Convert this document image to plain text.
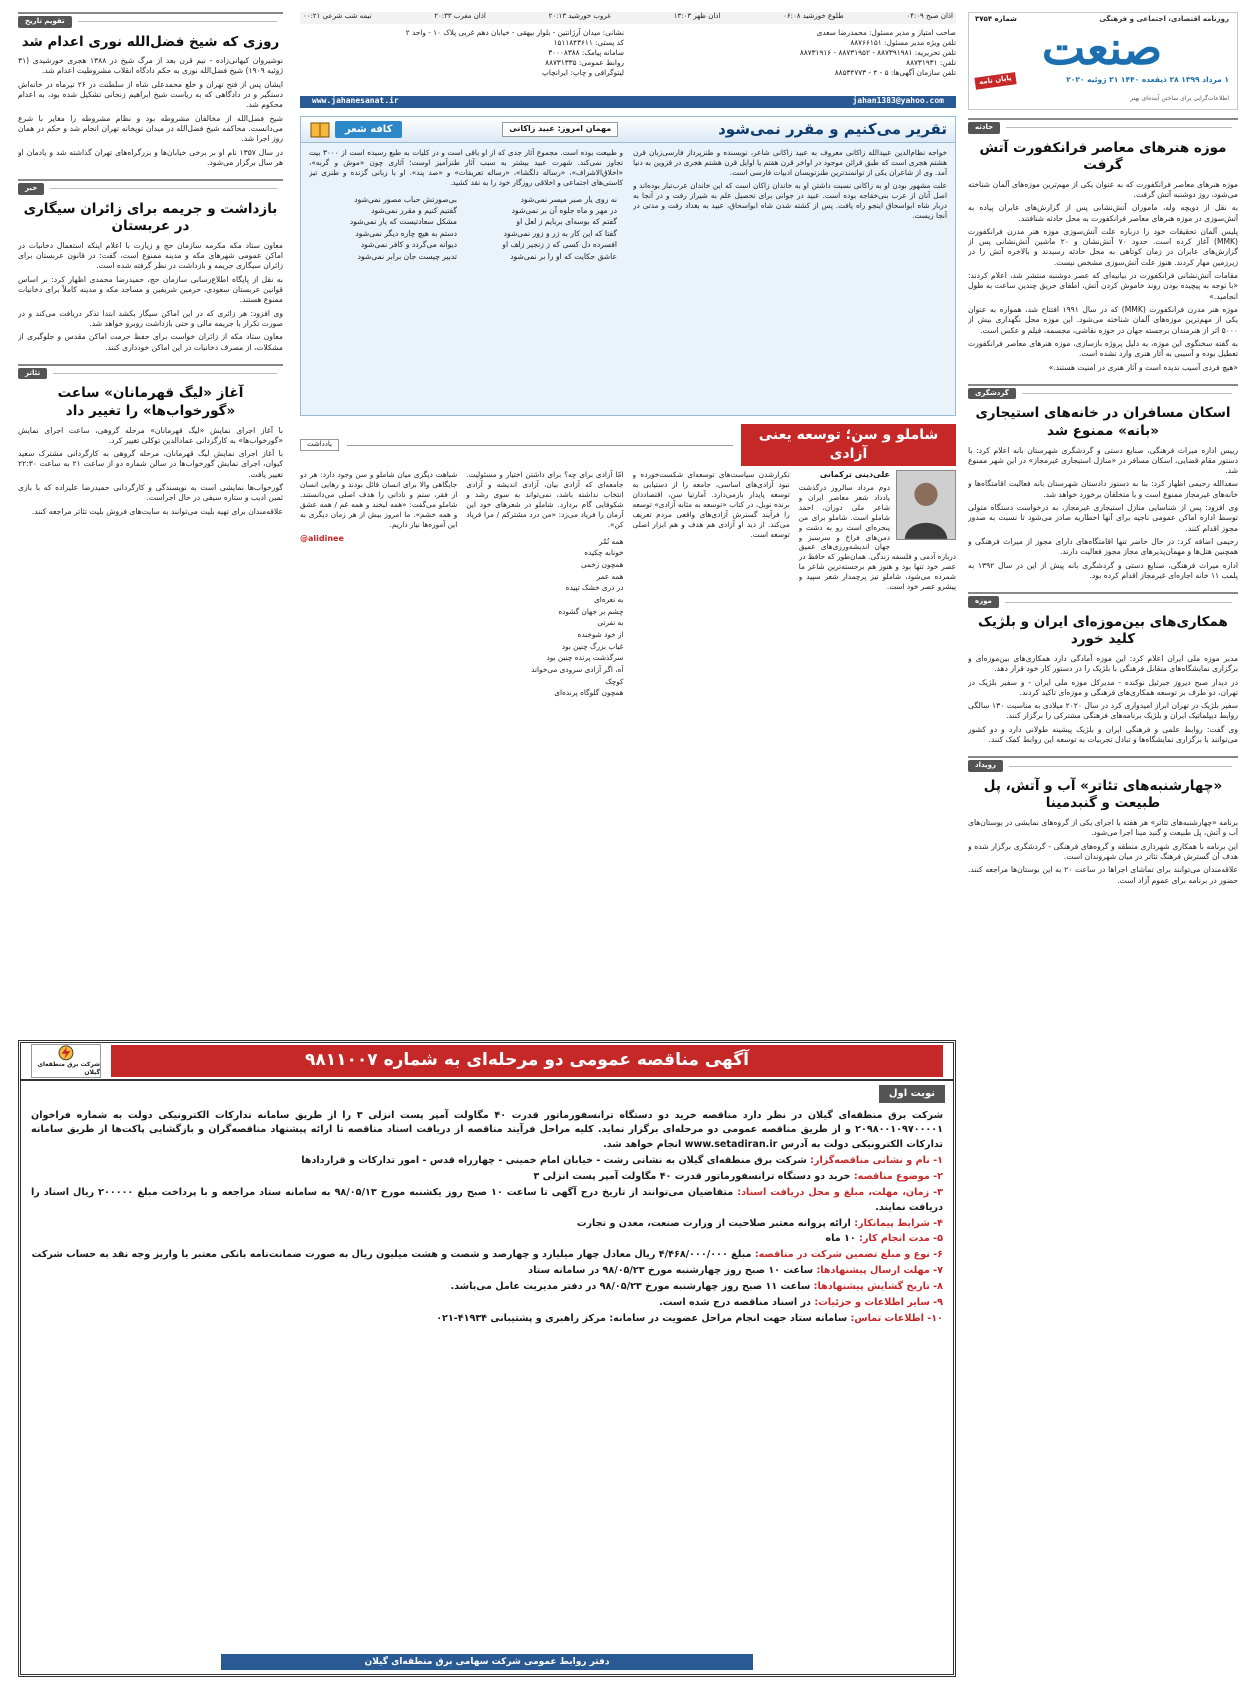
روزنامه اقتصادی، اجتماعی و فرهنگی
شماره ۳۷۵۴
صنعت
۱ مرداد ۱۳۹۹ ۲۸ ذیقعده ۱۴۴۰ ۲۱ ژوئیه ۲۰۲۰
پایان نامه
اطلاعات‌گرایی برای ساختن آینده‌ای بهتر
حادثه
موزه هنرهای معاصر فرانکفورت آتش گرفت

موزه هنرهای معاصر فرانکفورت که به عنوان یکی از مهم‌ترین موزه‌های آلمان شناخته می‌شود، روز دوشنبه آتش گرفت.

به نقل از دویچه وله، ماموران آتش‌نشانی پس از گزارش‌های عابران پیاده به آتش‌سوزی در موزه هنرهای معاصر فرانکفورت به محل حادثه شتافتند.

پلیس آلمان تحقیقات خود را درباره علت آتش‌سوزی موزه هنر مدرن فرانکفورت (MMK) آغاز کرده است. حدود ۷۰ آتش‌نشان و ۲۰ ماشین آتش‌نشانی پس از گزارش‌های عابران در زمان کوتاهی به محل حادثه رسیدند و بالاخره آتش را در زیرزمین مهار کردند. هنوز علت آتش‌سوزی مشخص نیست.

مقامات آتش‌نشانی فرانکفورت در بیانیه‌ای که عصر دوشنبه منتشر شد، اعلام کردند: «با توجه به پیچیده بودن روند خاموش کردن آتش، اطفای حریق چندین ساعت به طول انجامید.»

موزه هنر مدرن فرانکفورت (MMK) که در سال ۱۹۹۱ افتتاح شد، همواره به عنوان یکی از مهم‌ترین موزه‌های آلمان شناخته می‌شود. این موزه محل نگهداری بیش از ۵۰۰۰ اثر از هنرمندان برجسته جهان در حوزه نقاشی، مجسمه، فیلم و عکس است.

به گفته سخنگوی این موزه، به دلیل پروژه بازسازی، موزه هنرهای معاصر فرانکفورت تعطیل بوده و آسیبی به آثار هنری وارد نشده است.

«هیچ فردی آسیب ندیده است و آثار هنری در امنیت هستند.»

گردشگری
اسکان مسافران در خانه‌های استیجاری «بانه» ممنوع شد

رییس اداره میراث فرهنگی، صنایع دستی و گردشگری شهرستان بانه اعلام کرد: با دستور مقام قضایی، اسکان مسافر در «منازل استیجاری غیرمجاز» در این شهر ممنوع شد.

سعدالله رحیمی اظهار کرد: بنا به دستور دادستان شهرستان بانه فعالیت اقامتگاه‌ها و خانه‌های غیرمجاز ممنوع است و با متخلفان برخورد خواهد شد.

وی افزود: پس از شناسایی منازل استیجاری غیرمجاز، به درخواست دستگاه متولی توسط اداره اماکن عمومی ناجیه برای آنها اخطاریه صادر می‌شود تا نسبت به صدور مجوز اقدام کنند.

رحیمی اضافه کرد: در حال حاضر تنها اقامتگاه‌های دارای مجوز از میراث فرهنگی و همچنین هتل‌ها و مهمان‌پذیرهای مجاز مجوز فعالیت دارند.

اداره میراث فرهنگی، صنایع دستی و گردشگری بانه پیش از این در سال ۱۳۹۲ به پلمب ۱۱ خانه اجاره‌ای غیرمجاز اقدام کرده بود.

موزه
همکاری‌های بین‌موزه‌ای ایران و بلژیک کلید خورد

مدیر موزه ملی ایران اعلام کرد: این موزه آمادگی دارد همکاری‌های بین‌موزه‌ای و برگزاری نمایشگاه‌های متقابل فرهنگی با بلژیک را در دستور کار خود قرار دهد.

در دیدار صبح دیروز جبرئیل نوکنده - مدیرکل موزه ملی ایران - و سفیر بلژیک در تهران، دو طرف بر توسعه همکاری‌های فرهنگی و موزه‌ای تاکید کردند.

سفیر بلژیک در تهران ابراز امیدواری کرد در سال ۲۰۲۰ میلادی به مناسبت ۱۳۰ سالگی روابط دیپلماتیک ایران و بلژیک برنامه‌های فرهنگی مشترکی را برگزار کنند.

وی گفت: روابط علمی و فرهنگی ایران و بلژیک پیشینه طولانی دارد و دو کشور می‌توانند با برگزاری نمایشگاه‌ها و تبادل تجربیات به توسعه این روابط کمک کنند.

رویداد
«چهارشنبه‌های تئاتر» آب و آتش، پل طبیعت و گنبدمینا

برنامه «چهارشنبه‌های تئاتر» هر هفته با اجرای یکی از گروه‌های نمایشی در بوستان‌های آب و آتش، پل طبیعت و گنبد مینا اجرا می‌شود.

این برنامه با همکاری شهرداری منطقه و گروه‌های فرهنگی - گردشگری برگزار شده و هدف آن گسترش فرهنگ تئاتر در میان شهروندان است.

علاقه‌مندان می‌توانند برای تماشای اجراها در ساعت ۲۰ به این بوستان‌ها مراجعه کنند. حضور در برنامه برای عموم آزاد است.

اذان صبح ۰۴:۰۹
طلوع خورشید ۰۶:۰۸
اذان ظهر ۱۳:۰۳
غروب خورشید ۲۰:۱۳
اذان مغرب ۲۰:۳۳
نیمه شب شرعی ۰۰:۲۱
صاحب امتیاز و مدیر مسئول: محمدرضا سعدی
تلفن ویژه مدیر مسئول: ۸۸۷۶۶۱۵۱
تلفن تحریریه: ۸۸۷۳۹۱۹۸۱ - ۸۸۷۳۱۹۵۲ - ۸۸۷۳۱۹۱۶
تلفن: ۸۸۷۳۱۹۳۱
تلفن سازمان آگهی‌ها: ۵ - ۴ - ۸۸۵۳۴۷۷۳
نشانی: میدان آرژانتین - بلوار بیهقی - خیابان دهم غربی پلاک ۱۰ - واحد ۲
کد پستی: ۱۵۱۱۸۴۳۶۱۱
سامانه پیامک: ۳۰۰۰۸۳۸۸
روابط عمومی: ۸۸۷۳۱۳۳۵
لیتوگرافی و چاپ: ایرانچاپ
www.jahanesanat.ir	jahan1383@yahoo.com
تقریر می‌کنیم و مقرر نمی‌شود
مهمان امروز: عبید زاکانی
کافه شعر

خواجه نظام‌الدین عبیدالله زاکانی معروف به عبید زاکانی شاعر، نویسنده و طنزپرداز فارسی‌زبان قرن هشتم هجری است که طبق قرائن موجود در اواخر قرن هفتم یا اوایل قرن هشتم هجری در قزوین به دنیا آمد. وی از شاعران یکی از توانمندترین طنزنویسان ادبیات فارسی است.

علت مشهور بودن او به زاکانی نسبت داشتن او به خاندان زاکان است که این خاندان عرب‌تبار بوده‌اند و اصل آنان از عرب بنی‌خفاجه بوده است. عبید در جوانی برای تحصیل علم به شیراز رفت و در آنجا به دربار شاه ابواسحاق اینجو راه یافت. پس از کشته شدن شاه ابواسحاق، عبید به بغداد رفت و مدتی در آنجا زیست.

و طبیعت بوده است. مجموع آثار جدی که از او باقی است و در کلیات به طبع رسیده است از ۳۰۰۰ بیت تجاوز نمی‌کند. شهرت عبید بیشتر به سبب آثار طنزآمیز اوست؛ آثاری چون «موش و گربه»، «اخلاق‌الاشراف»، «رساله دلگشا»، «رساله تعریفات» و «صد پند». او با زبانی گزنده و طنزی تیز کاستی‌های اجتماعی و اخلاقی روزگار خود را به نقد کشید.

نه روی یار صبر میسر نمی‌شود
در مهر و ماه جلوه آن بر نمی‌شود
گفتم که بوسه‌ای بربایم ز لعل او
گفتا که این کار به زر و زور نمی‌شود
افسرده دل کسی که ز زنجیر زلف او
عاشق حکایت که او را بر نمی‌شود
بی‌صورتش حباب مصور نمی‌شود
گفتیم کنیم و مقرر نمی‌شود
مشکل سعادتیست که یار نمی‌شود
دستم به هیچ چاره دیگر نمی‌شود
دیوانه می‌گردد و کافر نمی‌شود
تدبیر چیست جان برابر نمی‌شود
شاملو و سن؛ توسعه یعنی آزادی
یادداشت
علی‌دینی ترکمانی

دوم مرداد سالروز درگذشت یادداد شعر معاصر ایران و شاعر ملی دوران، احمد شاملو است. شاملو برای من پنجره‌ای است رو به دشت و دمن‌های فراخ و سرسبز و جهان اندیشه‌ورزی‌های عمیق درباره آدمی و فلسفه زندگی. همان‌طور که حافظ در عصر خود تنها بود و هنوز هم برجسته‌ترین شاعر ما شمرده می‌شود، شاملو نیز پرچمدار شعر سپید و پیشرو عصر خود است.

تکرارشدن سیاست‌های توسعه‌ای شکست‌خورده و نبود آزادی‌های اساسی، جامعه را از دستیابی به توسعه پایدار بازمی‌دارد. آمارتیا سن، اقتصاددان برنده نوبل، در کتاب «توسعه به مثابه آزادی» توسعه را فرآیند گسترش آزادی‌های واقعی مردم تعریف می‌کند. از دید او آزادی هم هدف و هم ابزار اصلی توسعه است.

امّا آزادی برای چه؟ برای داشتن اختیار و مسئولیت. جامعه‌ای که آزادی بیان، آزادی اندیشه و آزادی انتخاب نداشته باشد، نمی‌تواند به سوی رشد و شکوفایی گام بردارد. شاملو در شعرهای خود این آرمان را فریاد می‌زد: «من درد مشترکم / مرا فریاد کن».

همه تُمّر
خونابه چکیده
همچون زخمی
همه عمر
در دری خشک تپیده
به نعره‌ای
چشم بر جهان گشوده
به نفرتی
از خود شوخنده
غیاب بزرگ چنین بود
سرگذشت پرنده چنین بود
آه، اگر آزادی سرودی می‌خواند
کوچک
همچون گلوگاه پرنده‌ای

شباهت دیگری میان شاملو و سن وجود دارد: هر دو جایگاهی والا برای انسان قائل بودند و رهایی انسان از فقر، ستم و نادانی را هدف اصلی می‌دانستند. شاملو می‌گفت: «همه لبخند و همه غم / همه عشق و همه خشم». ما امروز بیش از هر زمان دیگری به این آموزه‌ها نیاز داریم.

@alidinee
تقویم تاریخ
روزی که شیخ فضل‌الله نوری اعدام شد

نوشیروان کیهانی‌زاده - نیم‌ قرن بعد از مرگ شیخ در ۱۳۸۸ هجری خورشیدی (۳۱ ژوئیه ۱۹۰۹) شیخ فضل‌الله نوری به حکم دادگاه انقلاب مشروطیت اعدام شد.

ایشان پس از فتح تهران و خلع محمدعلی شاه از سلطنت در ۲۶ تیرماه در خانه‌اش دستگیر و در دادگاهی که به ریاست شیخ ابراهیم زنجانی تشکیل شده بود، به اعدام محکوم شد.

شیخ فضل‌الله از مخالفان مشروطه بود و نظام مشروطه را مغایر با شرع می‌دانست. محاکمه شیخ فضل‌الله در میدان توپخانه تهران انجام شد و حکم در همان روز اجرا شد.

در سال ۱۳۵۷ نام او بر برخی خیابان‌ها و بزرگراه‌های تهران گذاشته شد و یادمان او هر سال برگزار می‌شود.

خبر
بازداشت و جریمه برای زائران سیگاری در عربستان

معاون ستاد مکه مکرمه سازمان حج و زیارت با اعلام اینکه استعمال دخانیات در اماکن عمومی شهرهای مکه و مدینه ممنوع است، گفت: در قانون عربستان برای زائران سیگاری جریمه و بازداشت در نظر گرفته شده است.

به نقل از پایگاه اطلاع‌رسانی سازمان حج، حمیدرضا محمدی اظهار کرد: بر اساس قوانین عربستان سعودی، حرمین شریفین و مساجد مکه و مدینه کاملاً برای دخانیات ممنوع هستند.

وی افزود: هر زائری که در این اماکن سیگار بکشد ابتدا تذکر دریافت می‌کند و در صورت تکرار با جریمه مالی و حتی بازداشت روبرو خواهد شد.

معاون ستاد مکه از زائران خواست برای حفظ حرمت اماکن مقدس و جلوگیری از مشکلات، از مصرف دخانیات در این اماکن خودداری کنند.

تئاتر
آغاز «لیگ قهرمانان» ساعت «گورخواب‌ها» را تغییر داد

با آغاز اجرای نمایش «لیگ قهرمانان» مرحله گروهی، ساعت اجرای نمایش «گورخواب‌ها» به کارگردانی عمادالدین توکلی تغییر کرد.

با آغاز اجرای نمایش لیگ قهرمانان، مرحله گروهی به کارگردانی مشترک سعید کیوان، اجرای نمایش گورخواب‌ها در سالن شماره دو از ساعت ۲۱ به ساعت ۲۲:۳۰ تغییر یافت.

گورخواب‌ها نمایشی است به نویسندگی و کارگردانی حمیدرضا علیزاده که با بازی ثمین ادیب و ستاره سیفی در حال اجراست.

علاقه‌مندان برای تهیه بلیت می‌توانند به سایت‌های فروش بلیت تئاتر مراجعه کنند.

آگهی مناقصه عمومی دو مرحله‌ای به شماره ۹۸۱۱۰۰۷
شرکت برق منطقه‌ای گیلان
نوبت اول

شرکت برق منطقه‌ای گیلان در نظر دارد مناقصه خرید دو دستگاه ترانسفورماتور قدرت ۴۰ مگاولت آمپر پست انزلی ۳ را از طریق سامانه تدارکات الکترونیکی دولت به شماره فراخوان ۲۰۹۸۰۰۱۰۹۷۰۰۰۰۱ و از طریق مناقصه عمومی دو مرحله‌ای برگزار نماید. کلیه مراحل فرآیند مناقصه از دریافت اسناد مناقصه تا ارائه پیشنهاد مناقصه‌گران و بازگشایی پاکت‌ها از طریق سامانه تدارکات الکترونیکی دولت به آدرس www.setadiran.ir انجام خواهد شد.

۱- نام و نشانی مناقصه‌گزار: شرکت برق منطقه‌ای گیلان به نشانی رشت - خیابان امام خمینی - چهارراه قدس - امور تدارکات و قراردادها
۲- موضوع مناقصه: خرید دو دستگاه ترانسفورماتور قدرت ۴۰ مگاولت آمپر پست انزلی ۳
۳- زمان، مهلت، مبلغ و محل دریافت اسناد: متقاضیان می‌توانند از تاریخ درج آگهی تا ساعت ۱۰ صبح روز یکشنبه مورخ ۹۸/۰۵/۱۳ به سامانه ستاد مراجعه و با پرداخت مبلغ ۲۰۰۰۰۰ ریال اسناد را دریافت نمایند.
۴- شرایط پیمانکار: ارائه پروانه معتبر صلاحیت از وزارت صنعت، معدن و تجارت
۵- مدت انجام کار: ۱۰ ماه
۶- نوع و مبلغ تضمین شرکت در مناقصه: مبلغ ۴/۴۶۸/۰۰۰/۰۰۰ ریال معادل چهار میلیارد و چهارصد و شصت و هشت میلیون ریال به صورت ضمانت‌نامه بانکی معتبر یا واریز وجه نقد به حساب شرکت
۷- مهلت ارسال پیشنهادها: ساعت ۱۰ صبح روز چهارشنبه مورخ ۹۸/۰۵/۲۳ در سامانه ستاد
۸- تاریخ گشایش پیشنهادها: ساعت ۱۱ صبح روز چهارشنبه مورخ ۹۸/۰۵/۲۳ در دفتر مدیریت عامل می‌باشد.
۹- سایر اطلاعات و جزئیات: در اسناد مناقصه درج شده است.
۱۰- اطلاعات تماس: سامانه ستاد جهت انجام مراحل عضویت در سامانه: مرکز راهبری و پشتیبانی ۴۱۹۳۴-۰۲۱
دفتر روابط عمومی شرکت سهامی برق منطقه‌ای گیلان
